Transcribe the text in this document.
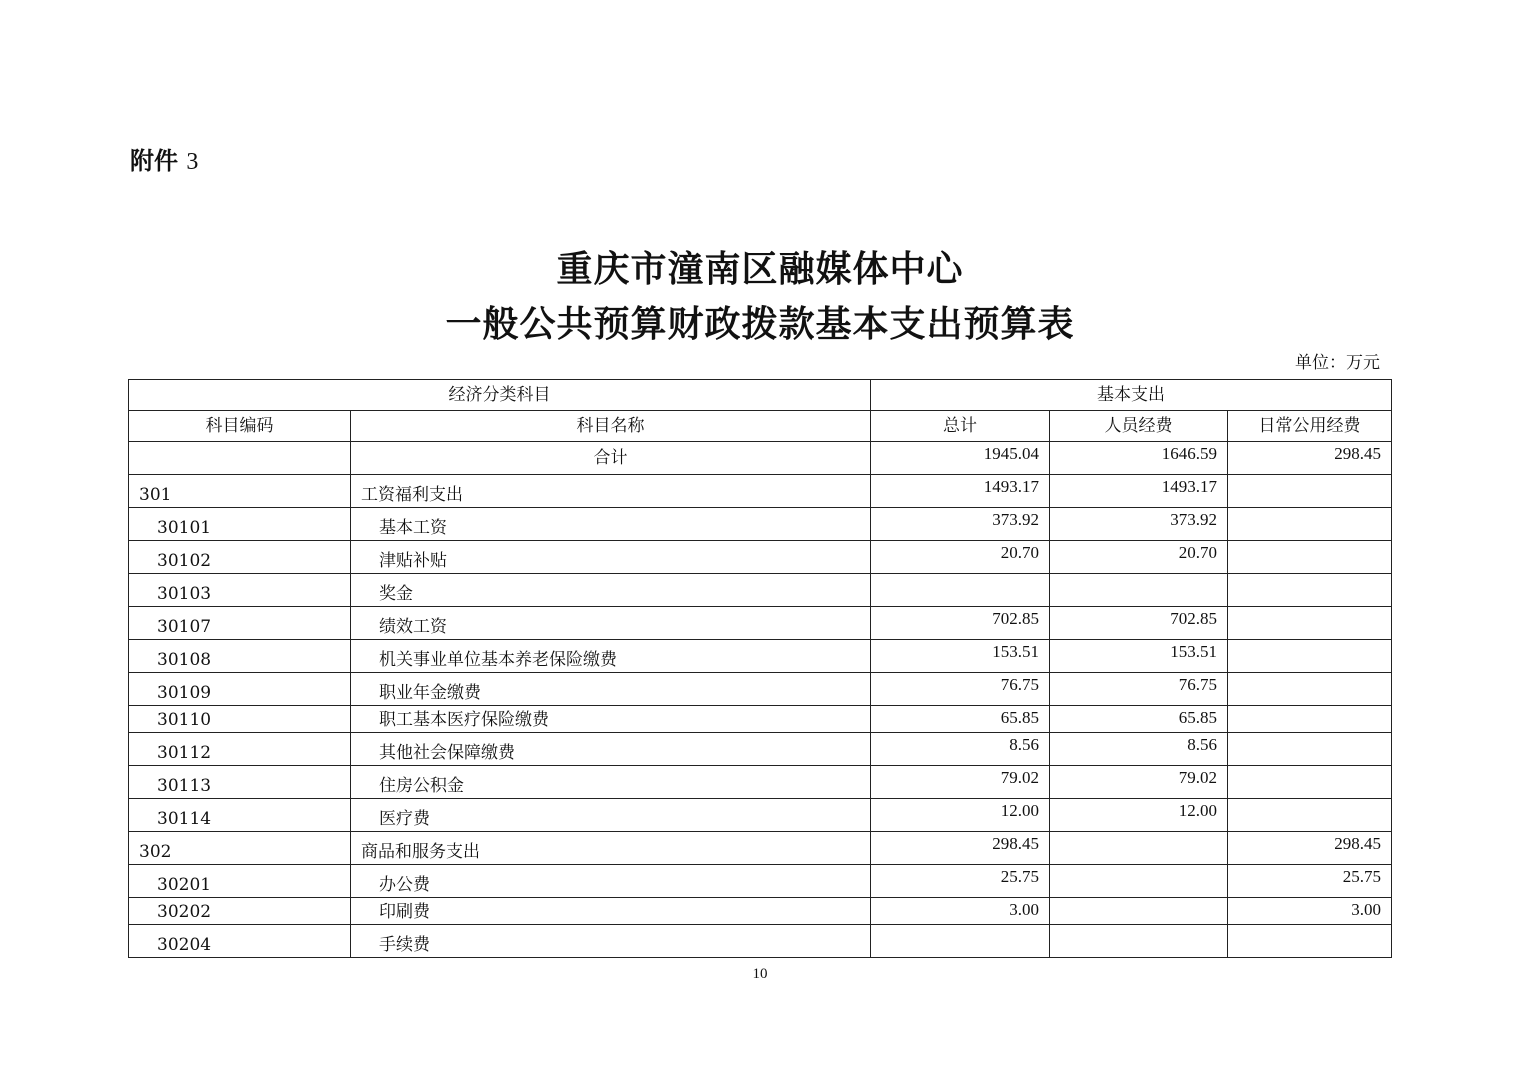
附件 3
重庆市潼南区融媒体中心
一般公共预算财政拨款基本支出预算表
单位：万元
经济分类科目		基本支出		
科目编码	科目名称	总计	人员经费	日常公用经费
	合计	1945.04	1646.59	298.45
301	工资福利支出	1493.17	1493.17	
30101	基本工资	373.92	373.92	
30102	津贴补贴	20.70	20.70	
30103	奖金			
30107	绩效工资	702.85	702.85	
30108	机关事业单位基本养老保险缴费	153.51	153.51	
30109	职业年金缴费	76.75	76.75	
30110	职工基本医疗保险缴费	65.85	65.85	
30112	其他社会保障缴费	8.56	8.56	
30113	住房公积金	79.02	79.02	
30114	医疗费	12.00	12.00	
302	商品和服务支出	298.45		298.45
30201	办公费	25.75		25.75
30202	印刷费	3.00		3.00
30204	手续费			
10
